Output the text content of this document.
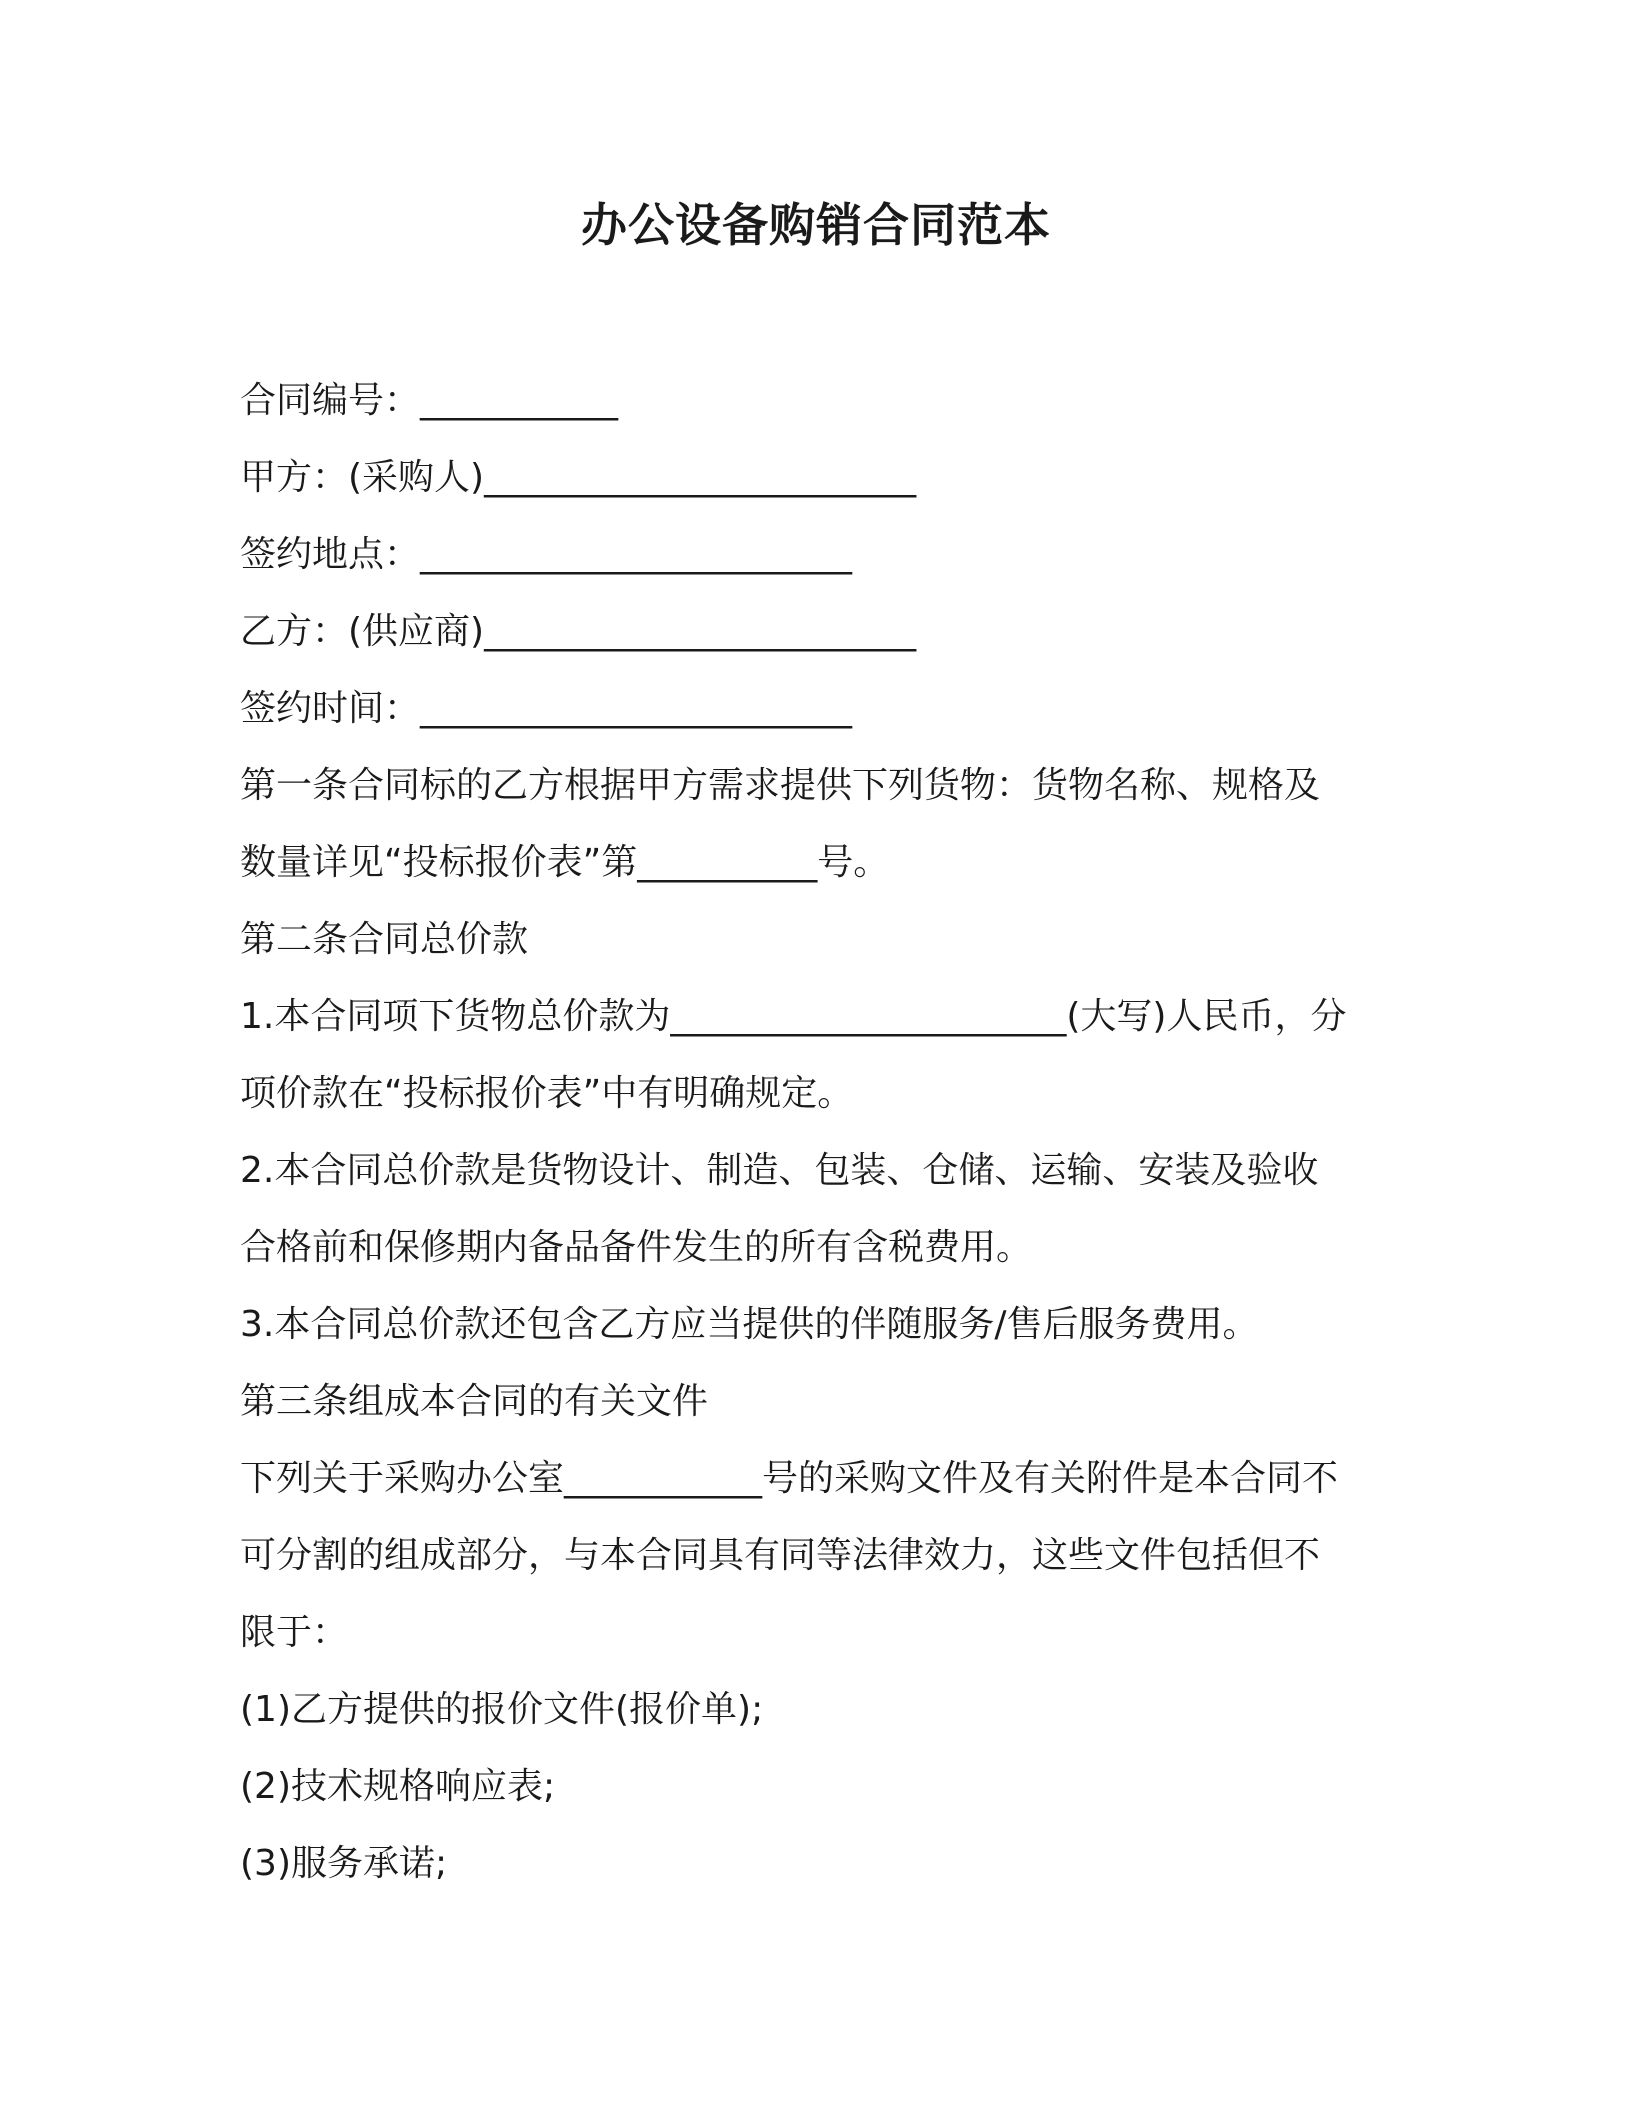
办公设备购销合同范本
合同编号：___________
甲方：(采购人)________________________
签约地点：________________________
乙方：(供应商)________________________
签约时间：________________________
第一条合同标的乙方根据甲方需求提供下列货物：货物名称、规格及
数量详见“投标报价表”第__________号。
第二条合同总价款
1.本合同项下货物总价款为______________________(大写)人民币，分
项价款在“投标报价表”中有明确规定。
2.本合同总价款是货物设计、制造、包装、仓储、运输、安装及验收
合格前和保修期内备品备件发生的所有含税费用。
3.本合同总价款还包含乙方应当提供的伴随服务/售后服务费用。
第三条组成本合同的有关文件
下列关于采购办公室___________号的采购文件及有关附件是本合同不
可分割的组成部分，与本合同具有同等法律效力，这些文件包括但不
限于：
(1)乙方提供的报价文件(报价单);
(2)技术规格响应表;
(3)服务承诺;
